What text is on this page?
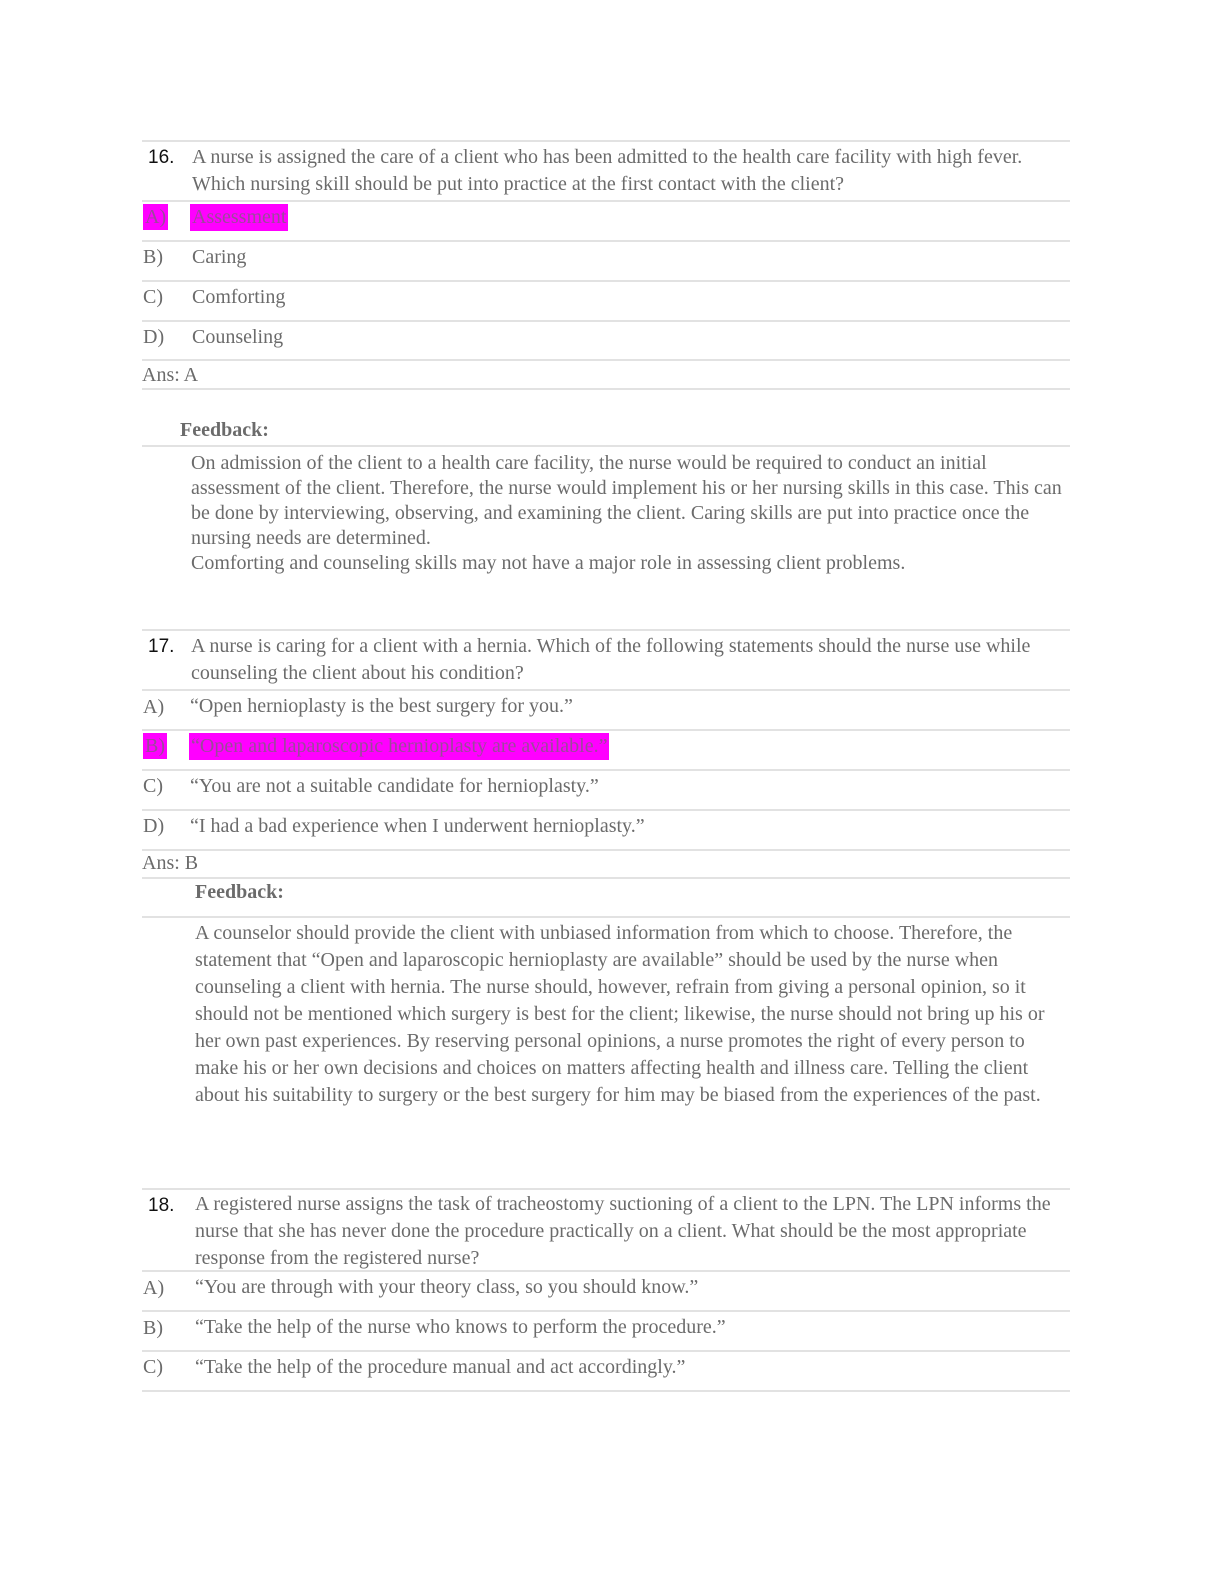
16. A nurse is assigned the care of a client who has been admitted to the health care facility with high fever. Which nursing skill should be put into practice at the first contact with the client?
A) Assessment
B) Caring
C) Comforting
D) Counseling
Ans: A
Feedback:

On admission of the client to a health care facility, the nurse would be required to conduct an initial assessment of the client. Therefore, the nurse would implement his or her nursing skills in this case. This can be done by interviewing, observing, and examining the client. Caring skills are put into practice once the nursing needs are determined.

Comforting and counseling skills may not have a major role in assessing client problems.

17. A nurse is caring for a client with a hernia. Which of the following statements should the nurse use while counseling the client about his condition?
A) “Open hernioplasty is the best surgery for you.”
B) “Open and laparoscopic hernioplasty are available.”
C) “You are not a suitable candidate for hernioplasty.”
D) “I had a bad experience when I underwent hernioplasty.”
Ans: B
Feedback:

A counselor should provide the client with unbiased information from which to choose. Therefore, the statement that “Open and laparoscopic hernioplasty are available” should be used by the nurse when counseling a client with hernia. The nurse should, however, refrain from giving a personal opinion, so it should not be mentioned which surgery is best for the client; likewise, the nurse should not bring up his or her own past experiences. By reserving personal opinions, a nurse promotes the right of every person to make his or her own decisions and choices on matters affecting health and illness care. Telling the client about his suitability to surgery or the best surgery for him may be biased from the experiences of the past.

18. A registered nurse assigns the task of tracheostomy suctioning of a client to the LPN. The LPN informs the nurse that she has never done the procedure practically on a client. What should be the most appropriate response from the registered nurse?
A) “You are through with your theory class, so you should know.”
B) “Take the help of the nurse who knows to perform the procedure.”
C) “Take the help of the procedure manual and act accordingly.”
